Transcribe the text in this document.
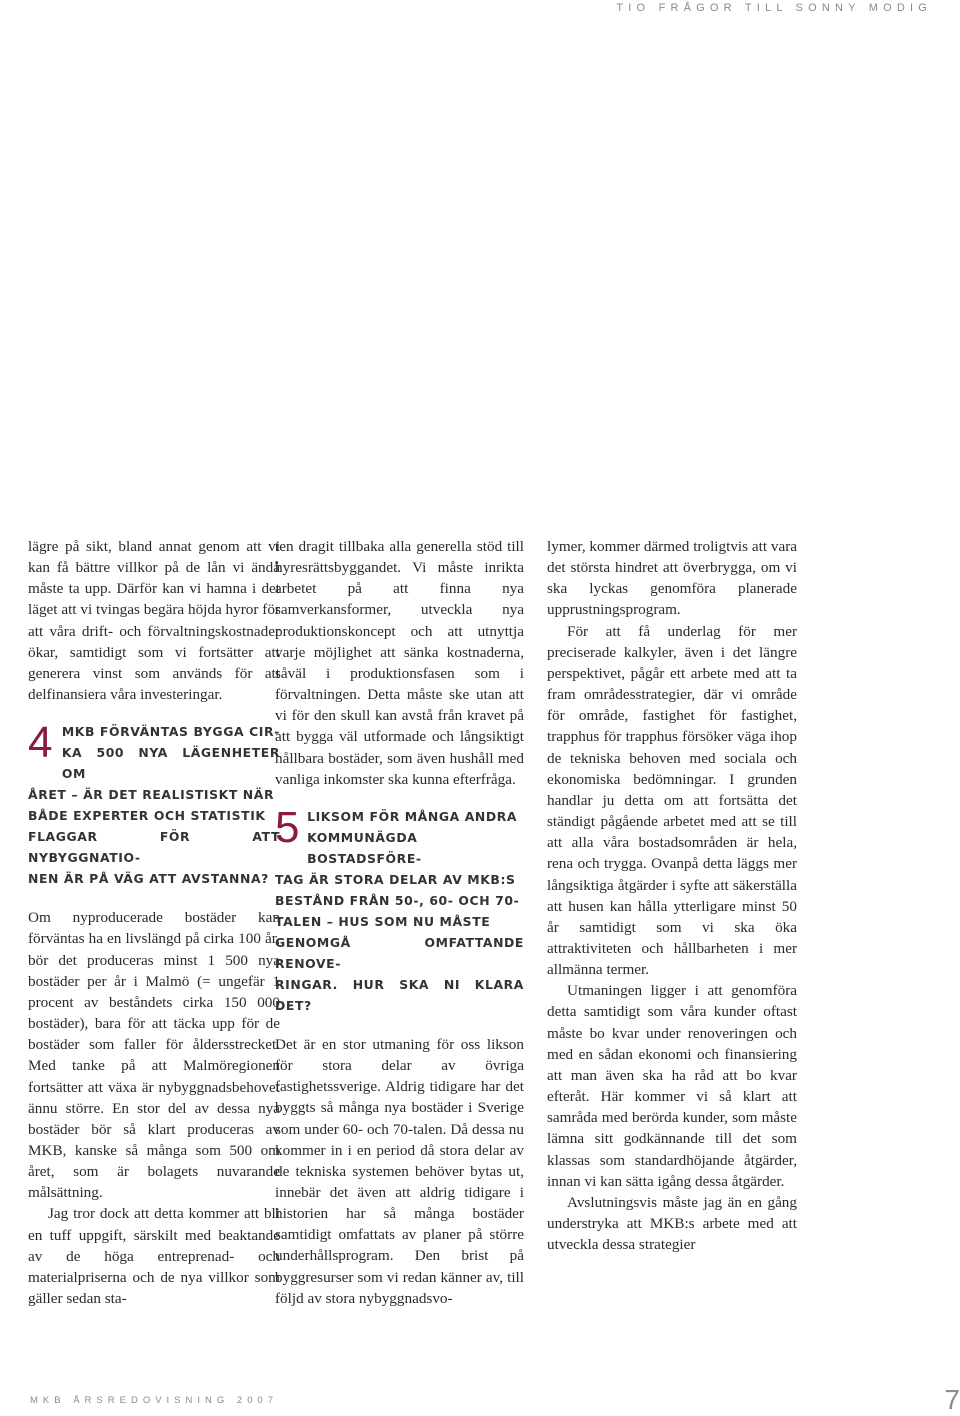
TIO FRÅGOR TILL SONNY MODIG

lägre på sikt, bland annat genom att vi kan få bättre villkor på de lån vi ändå måste ta upp. Därför kan vi hamna i det läget att vi tvingas begära höjda hyror för att våra drift- och förvaltningskostnader ökar, samtidigt som vi fortsätter att generera vinst som används för att delfinansiera våra investeringar.

4 MKB FÖRVÄNTAS BYGGA CIR-
KA 500 NYA LÄGENHETER OM
ÅRET – ÄR DET REALISTISKT NÄR
BÅDE EXPERTER OCH STATISTIK
FLAGGAR FÖR ATT NYBYGGNATIO-
NEN ÄR PÅ VÄG ATT AVSTANNA?

Om nyproducerade bostäder kan förväntas ha en livslängd på cirka 100 år, bör det produceras minst 1 500 nya bostäder per år i Malmö (= ungefär 1 procent av beståndets cirka 150 000 bostäder), bara för att täcka upp för de bostäder som faller för åldersstrecket. Med tanke på att Malmöregionen fortsätter att växa är nybyggnadsbehovet ännu större. En stor del av dessa nya bostäder bör så klart produceras av MKB, kanske så många som 500 om året, som är bolagets nuvarande målsättning.

Jag tror dock att detta kommer att bli en tuff uppgift, särskilt med beaktande av de höga entreprenad- och materialpriserna och de nya villkor som gäller sedan sta-

ten dragit tillbaka alla generella stöd till hyresrättsbyggandet. Vi måste inrikta arbetet på att finna nya samverkansformer, utveckla nya produktionskoncept och att utnyttja varje möjlighet att sänka kostnaderna, såväl i produktionsfasen som i förvaltningen. Detta måste ske utan att vi för den skull kan avstå från kravet på att bygga väl utformade och långsiktigt hållbara bostäder, som även hushåll med vanliga inkomster ska kunna efterfråga.

5 LIKSOM FÖR MÅNGA ANDRA
KOMMUNÄGDA BOSTADSFÖRE-
TAG ÄR STORA DELAR AV MKB:S
BESTÅND FRÅN 50-, 60- OCH 70-
TALEN – HUS SOM NU MÅSTE
GENOMGÅ OMFATTANDE RENOVE-
RINGAR. HUR SKA NI KLARA DET?

Det är en stor utmaning för oss likson för stora delar av övriga fastighetssverige. Aldrig tidigare har det byggts så många nya bostäder i Sverige som under 60- och 70-talen. Då dessa nu kommer in i en period då stora delar av de tekniska systemen behöver bytas ut, innebär det även att aldrig tidigare i historien har så många bostäder samtidigt omfattats av planer på större underhållsprogram. Den brist på byggresurser som vi redan känner av, till följd av stora nybyggnadsvo-

lymer, kommer därmed troligtvis att vara det största hindret att överbrygga, om vi ska lyckas genomföra planerade upprustningsprogram.

För att få underlag för mer preciserade kalkyler, även i det längre perspektivet, pågår ett arbete med att ta fram områdesstrategier, där vi område för område, fastighet för fastighet, trapphus för trapphus försöker väga ihop de tekniska behoven med sociala och ekonomiska bedömningar. I grunden handlar ju detta om att fortsätta det ständigt pågående arbetet med att se till att alla våra bostadsområden är hela, rena och trygga. Ovanpå detta läggs mer långsiktiga åtgärder i syfte att säkerställa att husen kan hålla ytterligare minst 50 år samtidigt som vi ska öka attraktiviteten och hållbarheten i mer allmänna termer.

Utmaningen ligger i att genomföra detta samtidigt som våra kunder oftast måste bo kvar under renoveringen och med en sådan ekonomi och finansiering att man även ska ha råd att bo kvar efteråt. Här kommer vi så klart att samråda med berörda kunder, som måste lämna sitt godkännande till det som klassas som standardhöjande åtgärder, innan vi kan sätta igång dessa åtgärder.

Avslutningsvis måste jag än en gång understryka att MKB:s arbete med att utveckla dessa strategier

MKB ÅRSREDOVISNING 2007	7
